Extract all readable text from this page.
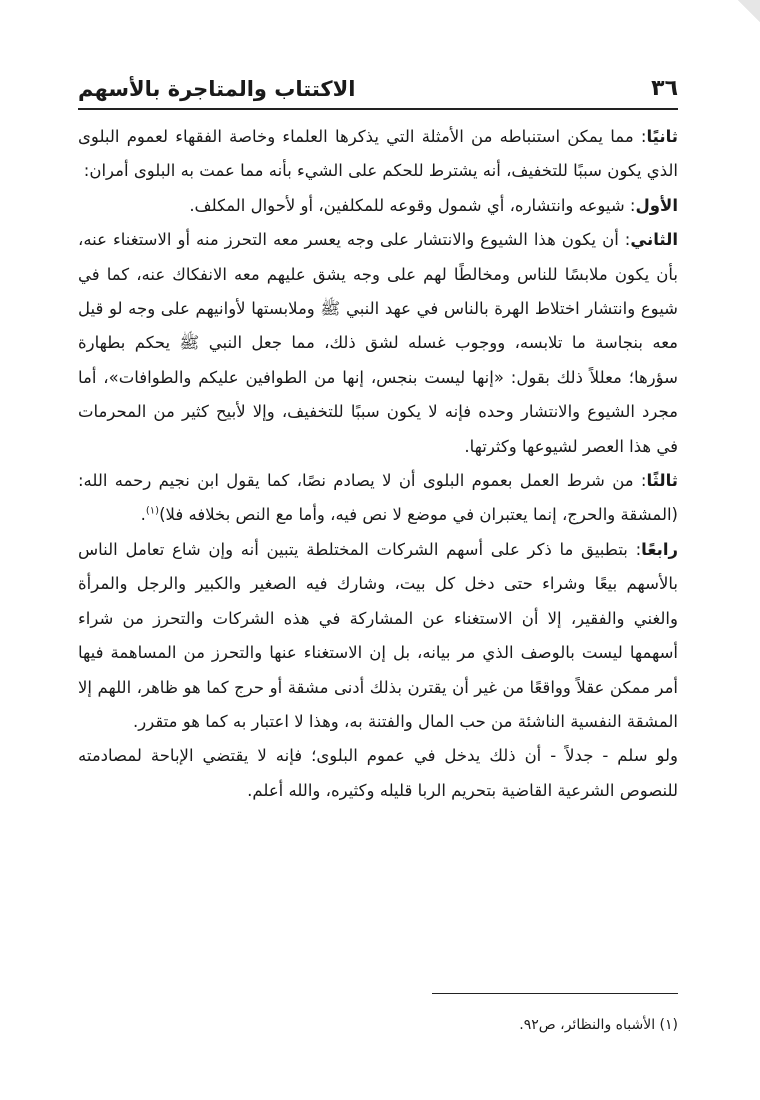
٣٦
الاكتتاب والمتاجرة بالأسهم

ثانيًا: مما يمكن استنباطه من الأمثلة التي يذكرها العلماء وخاصة الفقهاء لعموم البلوى الذي يكون سببًا للتخفيف، أنه يشترط للحكم على الشيء بأنه مما عمت به البلوى أمران:

الأول: شيوعه وانتشاره، أي شمول وقوعه للمكلفين، أو لأحوال المكلف.

الثاني: أن يكون هذا الشيوع والانتشار على وجه يعسر معه التحرز منه أو الاستغناء عنه، بأن يكون ملابسًا للناس ومخالطًا لهم على وجه يشق عليهم معه الانفكاك عنه، كما في شيوع وانتشار اختلاط الهرة بالناس في عهد النبي ﷺ وملابستها لأوانيهم على وجه لو قيل معه بنجاسة ما تلابسه، ووجوب غسله لشق ذلك، مما جعل النبي ﷺ يحكم بطهارة سؤرها؛ معللاً ذلك بقول: «إنها ليست بنجس، إنها من الطوافين عليكم والطوافات»، أما مجرد الشيوع والانتشار وحده فإنه لا يكون سببًا للتخفيف، وإلا لأبيح كثير من المحرمات في هذا العصر لشيوعها وكثرتها.

ثالثًا: من شرط العمل بعموم البلوى أن لا يصادم نصًا، كما يقول ابن نجيم رحمه الله: (المشقة والحرج، إنما يعتبران في موضع لا نص فيه، وأما مع النص بخلافه فلا)$^{(١)}$.

رابعًا: بتطبيق ما ذكر على أسهم الشركات المختلطة يتبين أنه وإن شاع تعامل الناس بالأسهم بيعًا وشراء حتى دخل كل بيت، وشارك فيه الصغير والكبير والرجل والمرأة والغني والفقير، إلا أن الاستغناء عن المشاركة في هذه الشركات والتحرز من شراء أسهمها ليست بالوصف الذي مر بيانه، بل إن الاستغناء عنها والتحرز من المساهمة فيها أمر ممكن عقلاً وواقعًا من غير أن يقترن بذلك أدنى مشقة أو حرج كما هو ظاهر، اللهم إلا المشقة النفسية الناشئة من حب المال والفتنة به، وهذا لا اعتبار به كما هو متقرر.

ولو سلم - جدلاً - أن ذلك يدخل في عموم البلوى؛ فإنه لا يقتضي الإباحة لمصادمته للنصوص الشرعية القاضية بتحريم الربا قليله وكثيره، والله أعلم.

(١) الأشباه والنظائر، ص٩٢.
